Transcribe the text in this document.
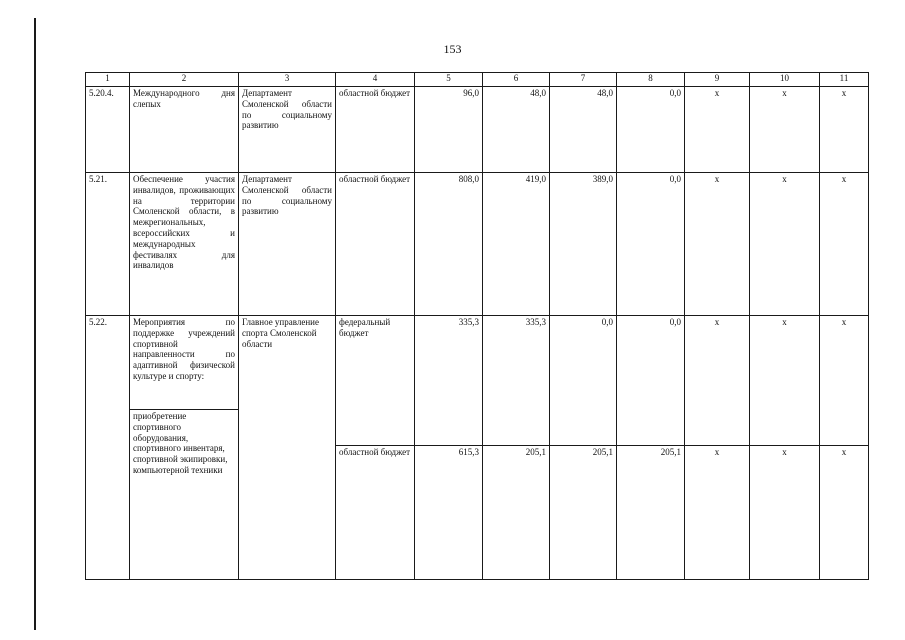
153
1	2	3	4	5	6	7	8	9	10	11
5.20.4.	Международного дня слепых	Департамент Смоленской области по социальному развитию	областной бюджет	96,0	48,0	48,0	0,0	x	x	x
5.21.	Обеспечение участия инвалидов, проживающих на территории Смоленской области, в межрегиональных, всероссийских и международных фестивалях для инвалидов	Департамент Смоленской области по социальному развитию	областной бюджет	808,0	419,0	389,0	0,0	x	x	x
5.22.	Мероприятия по поддержке учреждений спортивной направленности по адаптивной физической культуре и спорту:	Главное управление спорта Смоленской области	федеральный бюджет	335,3	335,3	0,0	0,0	x	x	x
	приобретение спортивного оборудования, спортивного инвентаря, спортивной экипировки, компьютерной техники									
			областной бюджет	615,3	205,1	205,1	205,1	x	x	x
